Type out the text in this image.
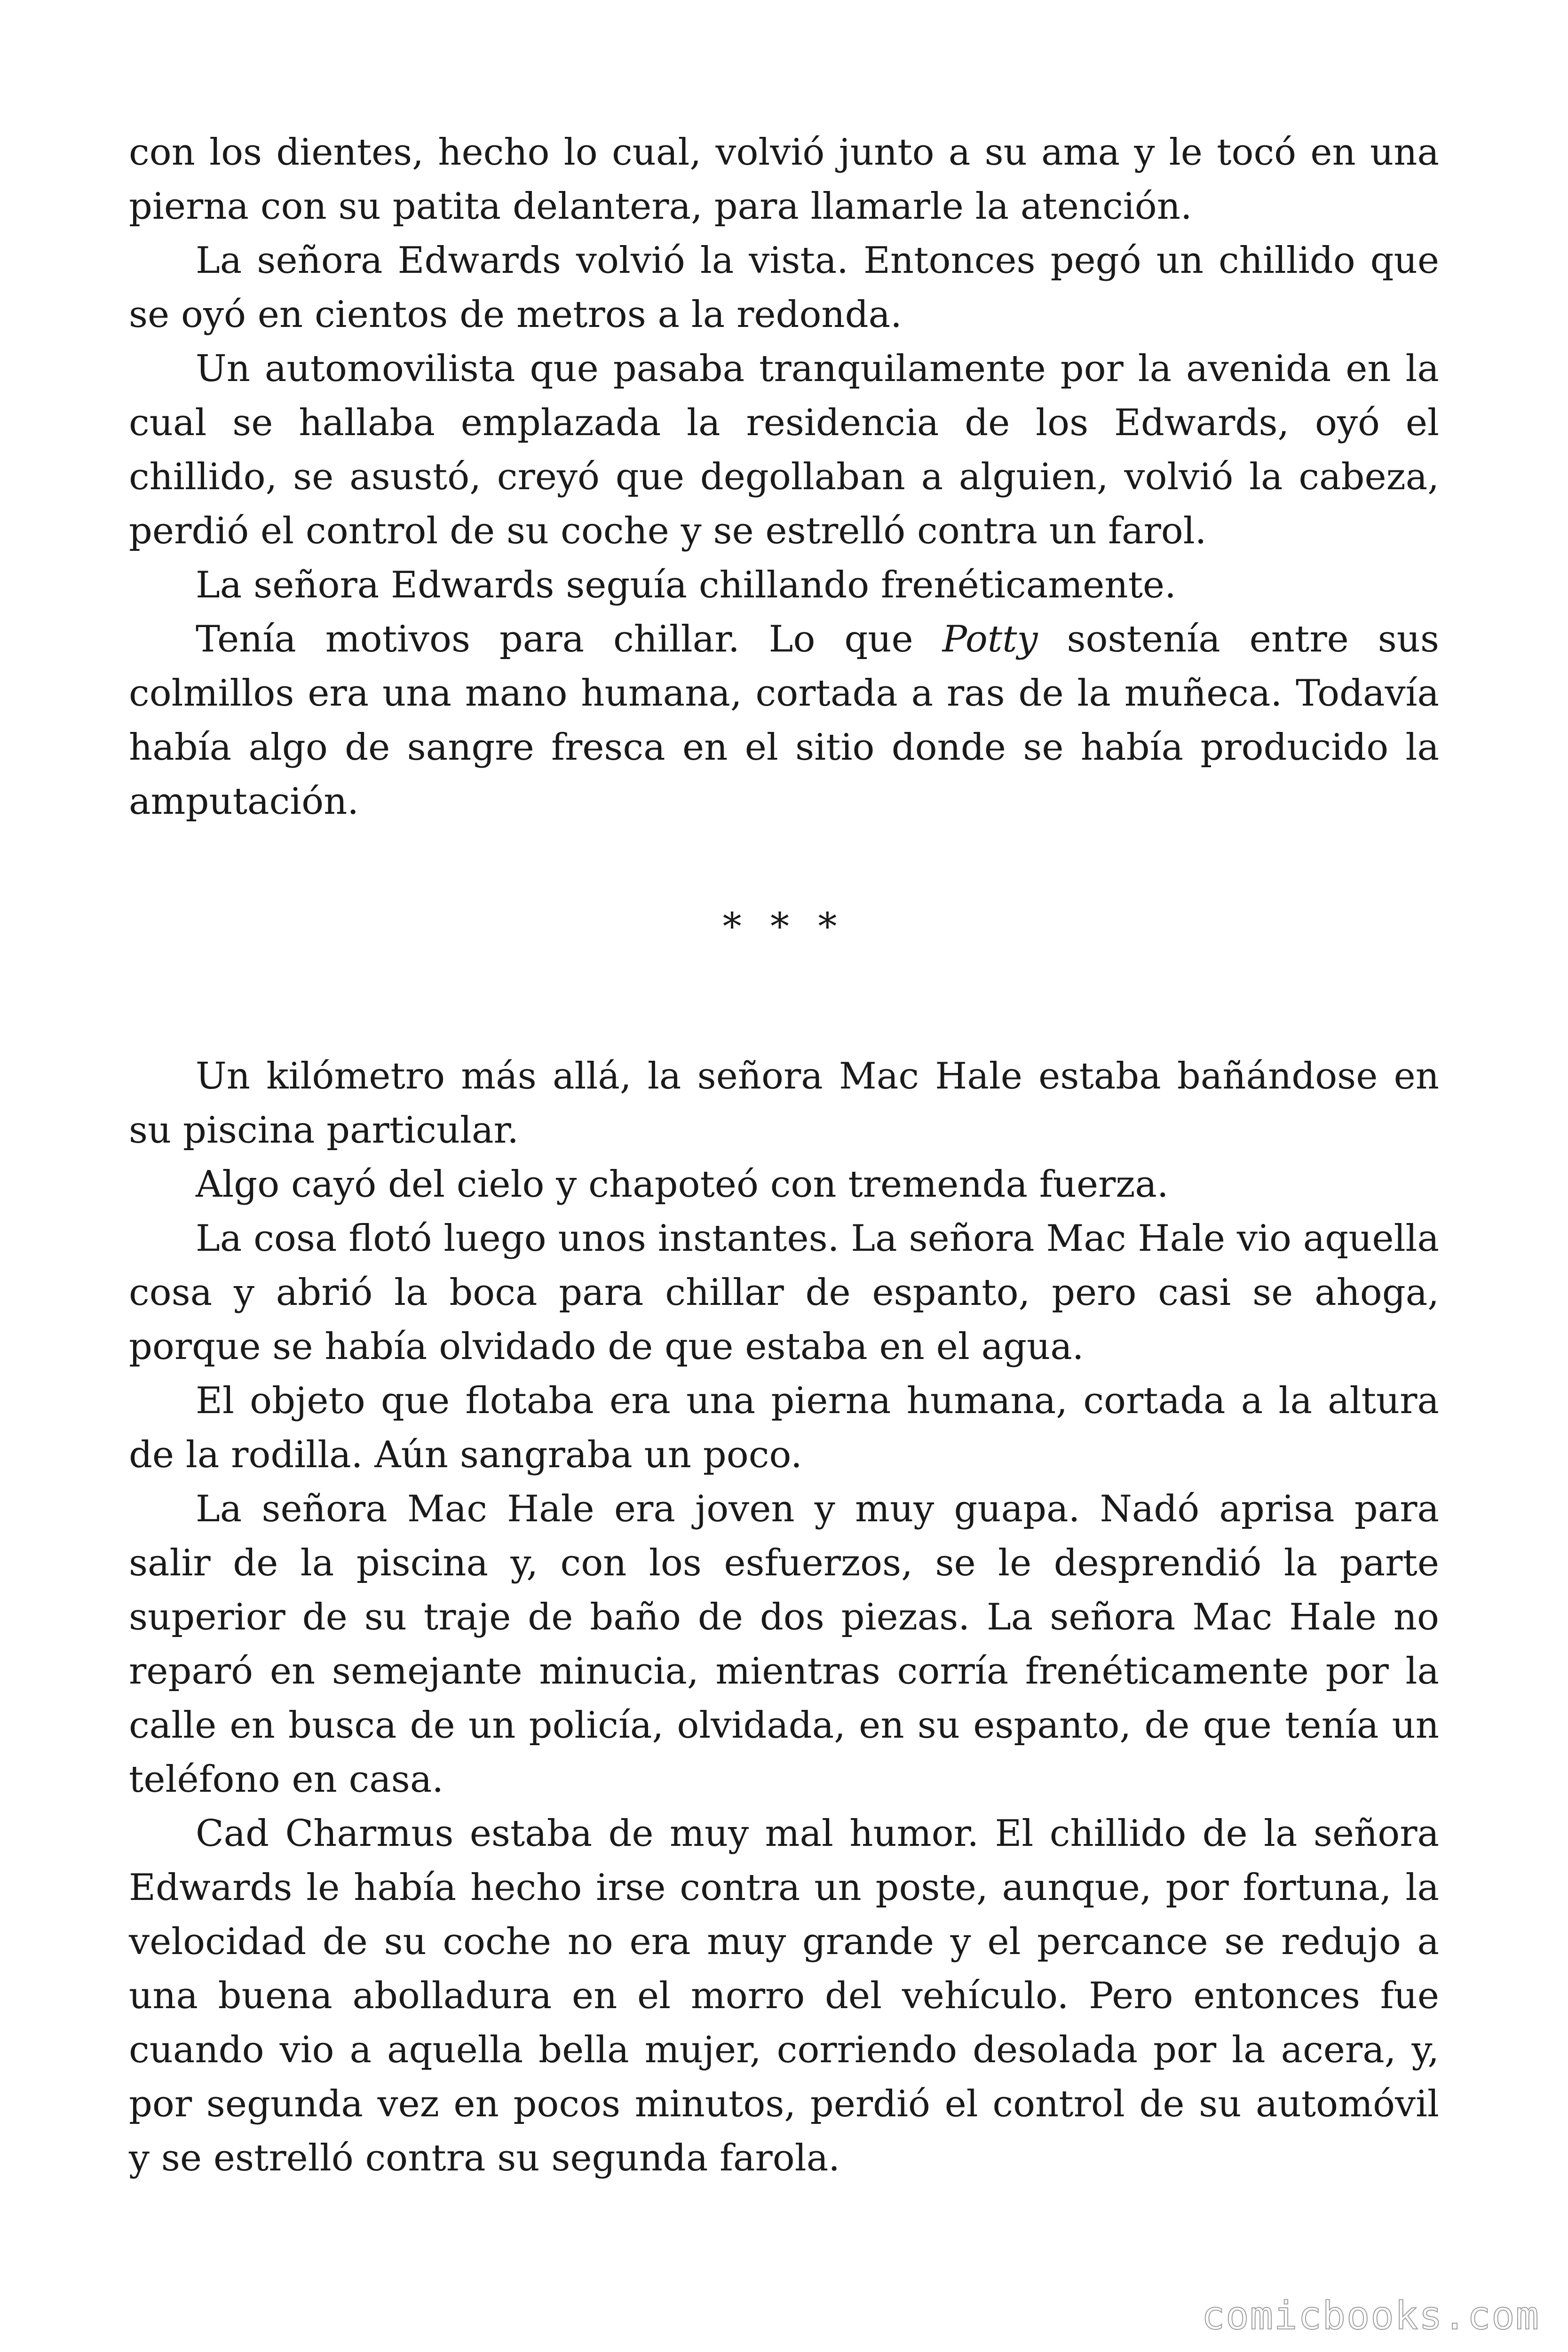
con los dientes, hecho lo cual, volvió junto a su ama y le tocó en una pierna con su patita delantera, para llamarle la atención.

La señora Edwards volvió la vista. Entonces pegó un chillido que se oyó en cientos de metros a la redonda.

Un automovilista que pasaba tranquilamente por la avenida en la cual se hallaba emplazada la residencia de los Edwards, oyó el chillido, se asustó, creyó que degollaban a alguien, volvió la cabeza, perdió el control de su coche y se estrelló contra un farol.

La señora Edwards seguía chillando frenéticamente.

Tenía motivos para chillar. Lo que Potty sostenía entre sus colmillos era una mano humana, cortada a ras de la muñeca. Todavía había algo de sangre fresca en el sitio donde se había producido la amputación.

* * *

Un kilómetro más allá, la señora Mac Hale estaba bañándose en su piscina particular.

Algo cayó del cielo y chapoteó con tremenda fuerza.

La cosa flotó luego unos instantes. La señora Mac Hale vio aquella cosa y abrió la boca para chillar de espanto, pero casi se ahoga, porque se había olvidado de que estaba en el agua.

El objeto que flotaba era una pierna humana, cortada a la altura de la rodilla. Aún sangraba un poco.

La señora Mac Hale era joven y muy guapa. Nadó aprisa para salir de la piscina y, con los esfuerzos, se le desprendió la parte superior de su traje de baño de dos piezas. La señora Mac Hale no reparó en semejante minucia, mientras corría frenéticamente por la calle en busca de un policía, olvidada, en su espanto, de que tenía un teléfono en casa.

Cad Charmus estaba de muy mal humor. El chillido de la señora Edwards le había hecho irse contra un poste, aunque, por fortuna, la velocidad de su coche no era muy grande y el percance se redujo a una buena abolladura en el morro del vehículo. Pero entonces fue cuando vio a aquella bella mujer, corriendo desolada por la acera, y, por segunda vez en pocos minutos, perdió el control de su automóvil y se estrelló contra su segunda farola.

comicbooks.com
